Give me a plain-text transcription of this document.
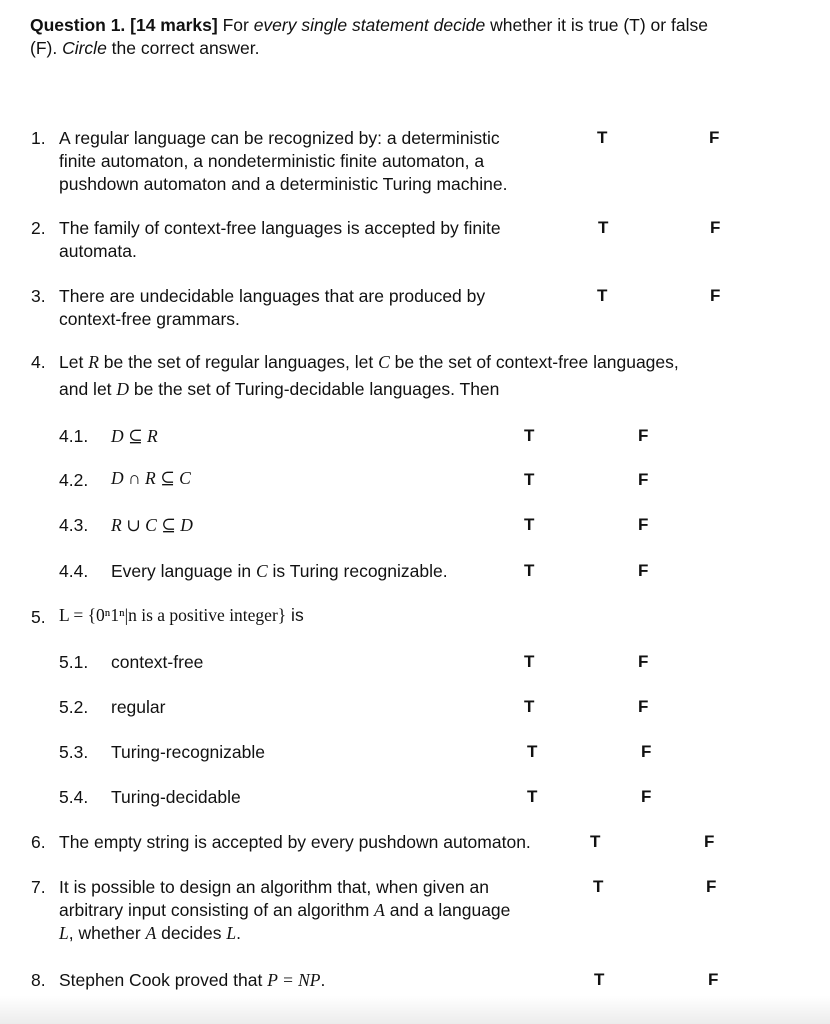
Question 1. [14 marks] For every single statement decide whether it is true (T) or false
(F). Circle the correct answer.
1. A regular language can be recognized by: a deterministic
finite automaton, a nondeterministic finite automaton, a
pushdown automaton and a deterministic Turing machine.
T	F
2. The family of context-free languages is accepted by finite
automata.
T	F
3. There are undecidable languages that are produced by
context-free grammars.
T	F
4. Let R be the set of regular languages, let C be the set of context-free languages,
and let D be the set of Turing-decidable languages. Then
4.1. D ⊆ R	T	F
4.2. D ∩ R ⊆ C	T	F
4.3. R ∪ C ⊆ D	T	F
4.4. Every language in C is Turing recognizable.	T	F
5. L = {0ⁿ1ⁿ|n is a positive integer} is
5.1. context-free	T	F
5.2. regular	T	F
5.3. Turing-recognizable	T	F
5.4. Turing-decidable	T	F
6. The empty string is accepted by every pushdown automaton.	T	F
7. It is possible to design an algorithm that, when given an
arbitrary input consisting of an algorithm A and a language
L, whether A decides L.
T	F
8. Stephen Cook proved that P = NP.	T	F
